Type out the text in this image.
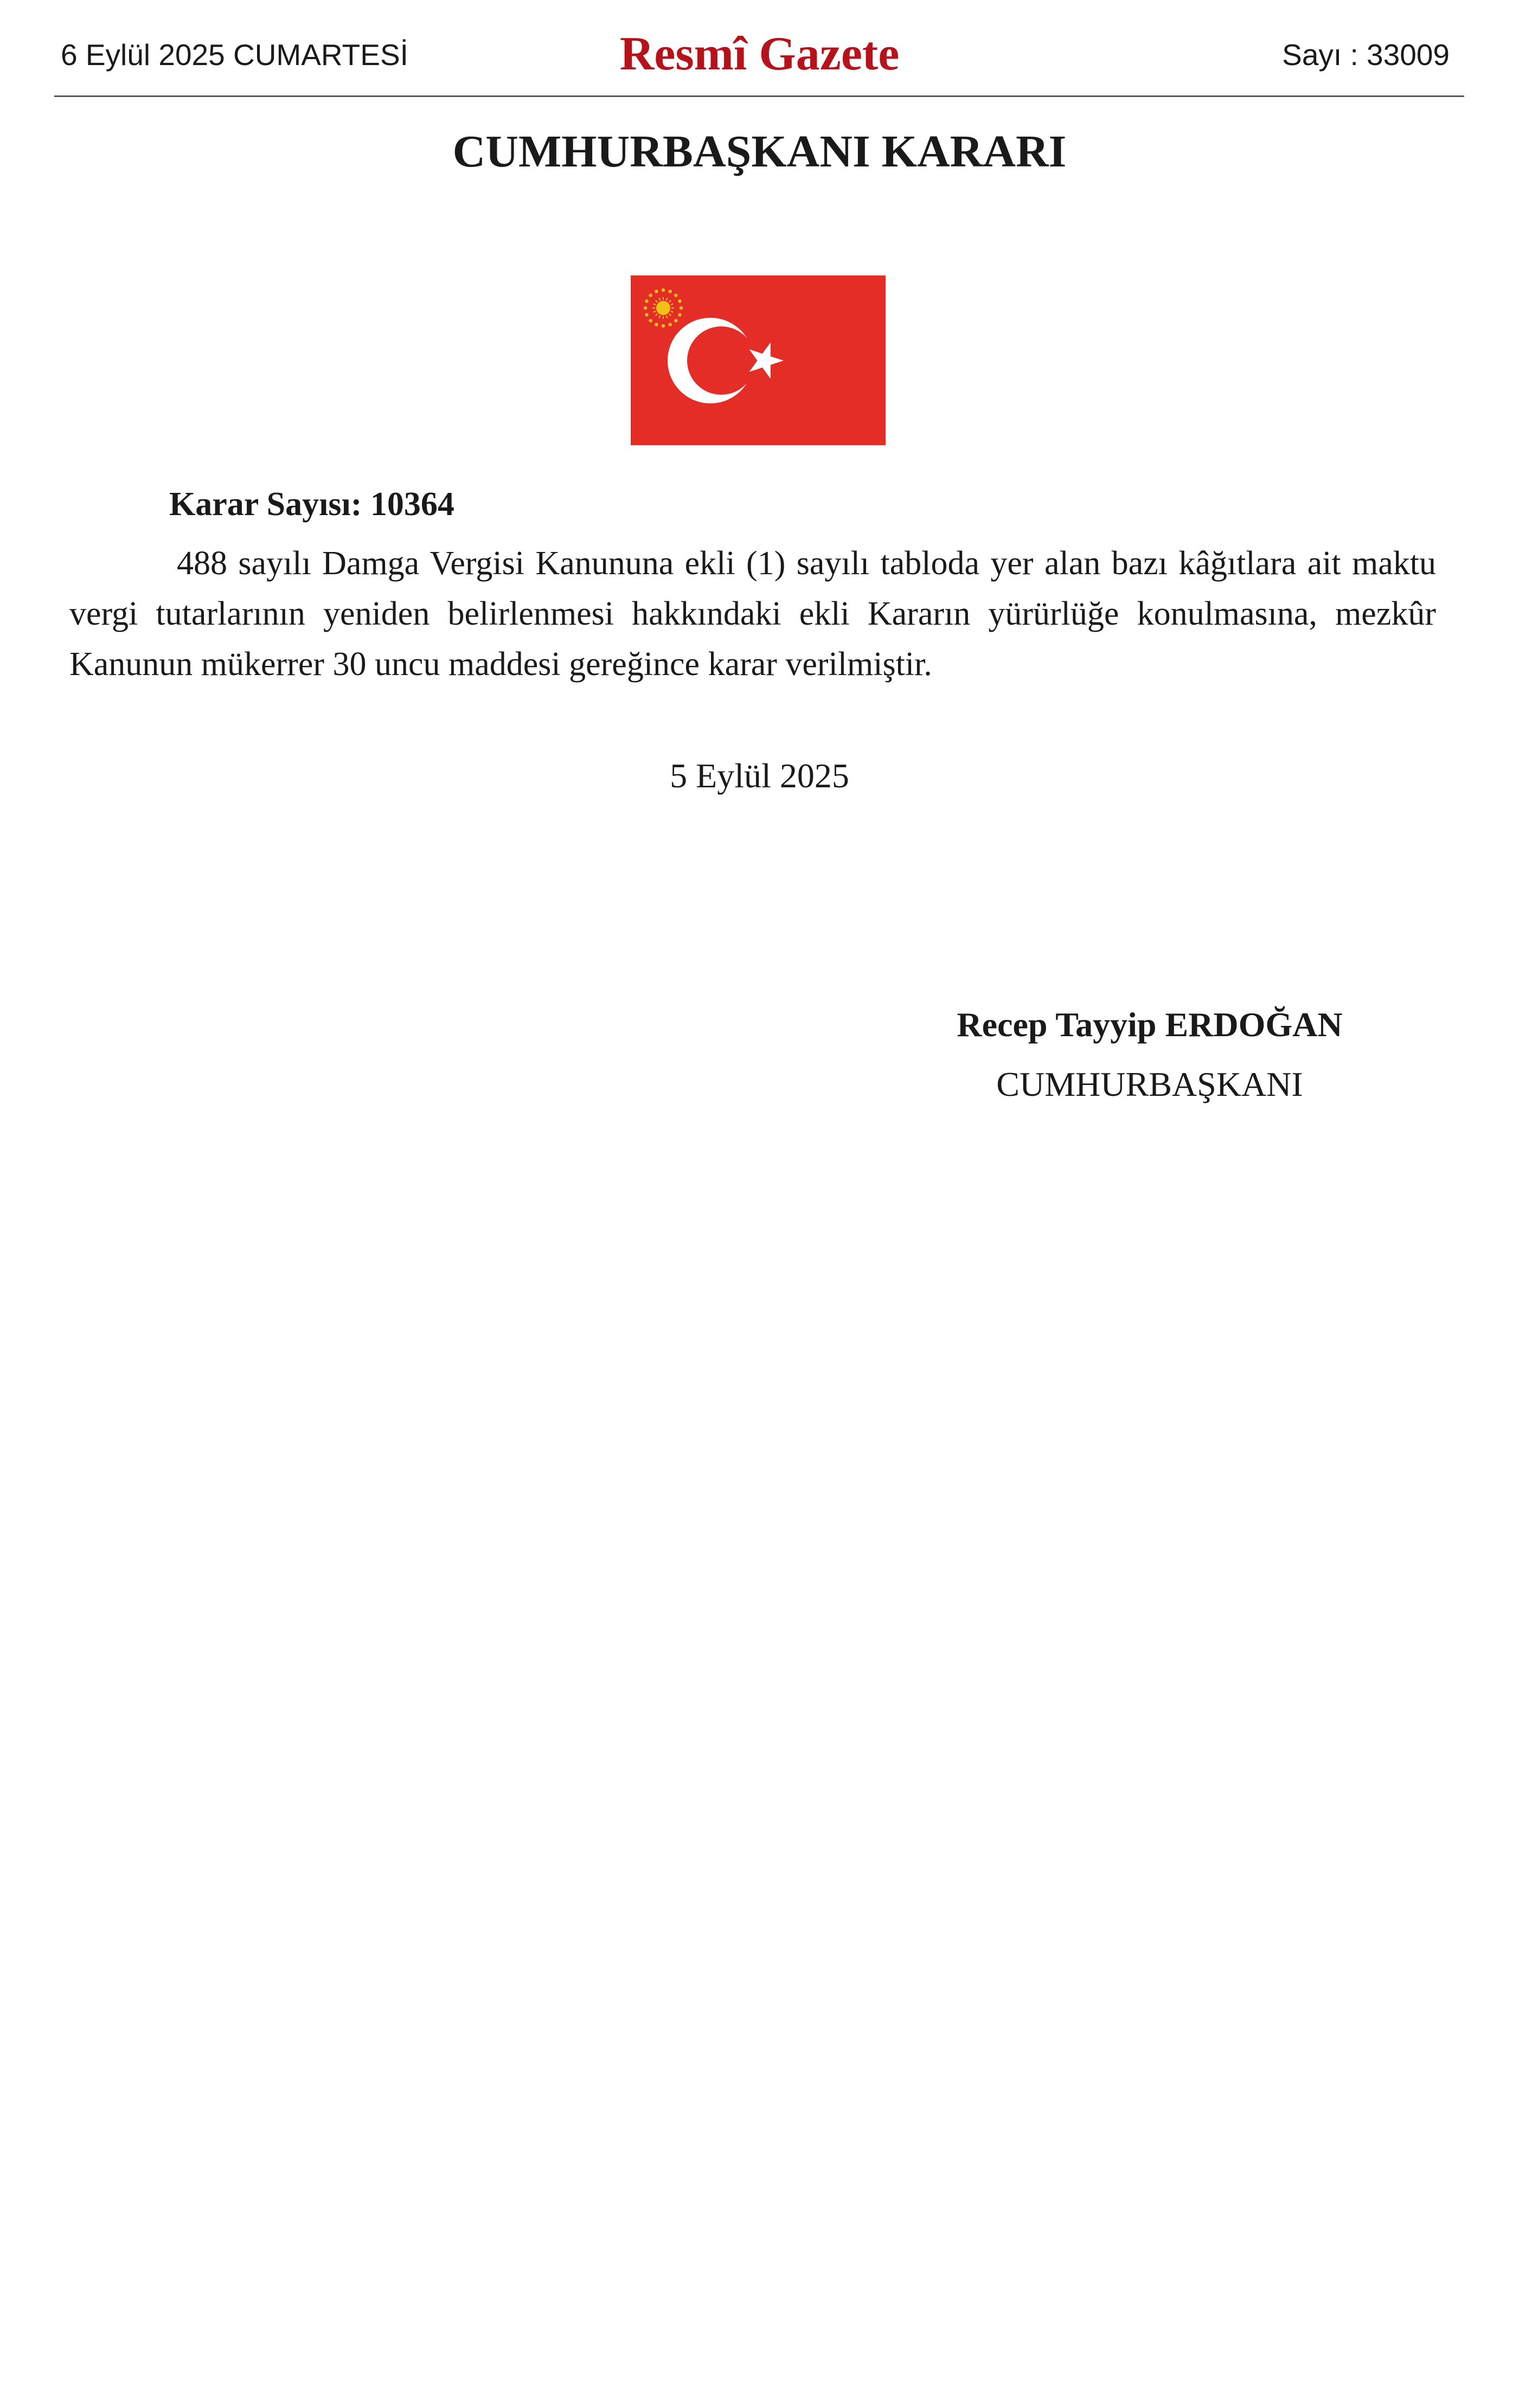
6 Eylül 2025 CUMARTESİ	Resmî Gazete	Sayı : 33009
CUMHURBAŞKANI KARARI
Karar Sayısı: 10364
488 sayılı Damga Vergisi Kanununa ekli (1) sayılı tabloda yer alan bazı kâğıtlara ait maktu vergi tutarlarının yeniden belirlenmesi hakkındaki ekli Kararın yürürlüğe konulmasına, mezkûr Kanunun mükerrer 30 uncu maddesi gereğince karar verilmiştir.
5 Eylül 2025
Recep Tayyip ERDOĞAN
CUMHURBAŞKANI
